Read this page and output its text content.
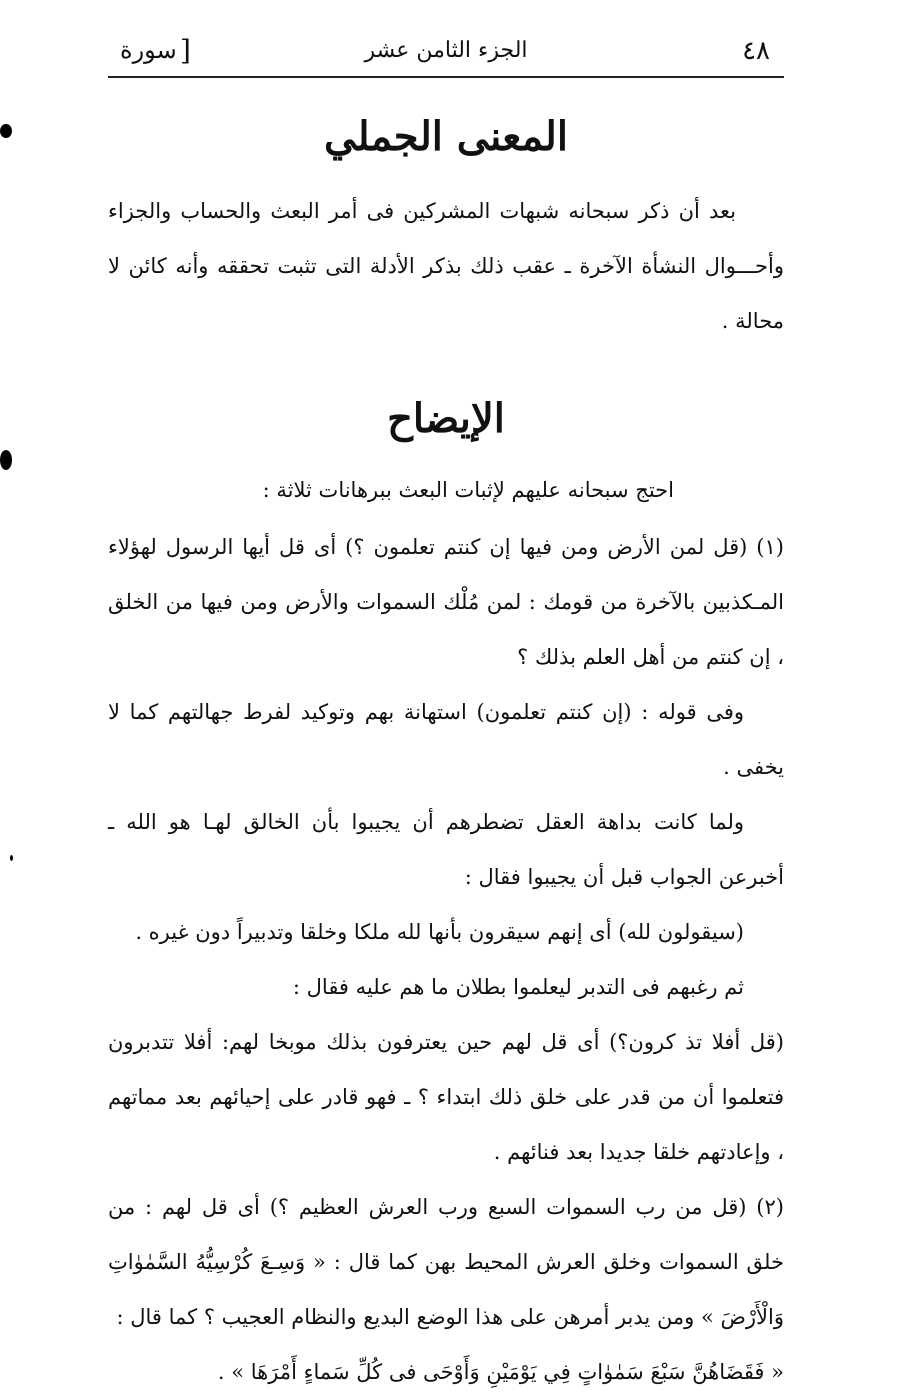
٤٨
الجزء الثامن عشر
[
سورة
المعنى الجملي

بعد أن ذكر سبحانه شبهات المشركين فى أمر البعث والحساب والجزاء وأحـــوال النشأة الآخرة ـ عقب ذلك بذكر الأدلة التى تثبت تحققه وأنه كائن لا محالة .

الإيضاح

احتج سبحانه عليهم لإثبات البعث ببرهانات ثلاثة :

(١) (قل لمن الأرض ومن فيها إن كنتم تعلمون ؟) أى قل أيها الرسول لهؤلاء المـكذبين بالآخرة من قومك : لمن مُلْك السموات والأرض ومن فيها من الخلق ، إن كنتم من أهل العلم بذلك ؟

وفى قوله : (إن كنتم تعلمون) استهانة بهم وتوكيد لفرط جهالتهم كما لا يخفى .

ولما كانت بداهة العقل تضطرهم أن يجيبوا بأن الخالق لهـا هو الله ـ أخبرعن الجواب قبل أن يجيبوا فقال :

(سيقولون لله) أى إنهم سيقرون بأنها لله ملكا وخلقا وتدبيراً دون غيره .

ثم رغبهم فى التدبر ليعلموا بطلان ما هم عليه فقال :

(قل أفلا تذ كرون؟) أى قل لهم حين يعترفون بذلك موبخا لهم: أفلا تتدبرون فتعلموا أن من قدر على خلق ذلك ابتداء ؟ ـ فهو قادر على إحيائهم بعد مماتهم ، وإعادتهم خلقا جديدا بعد فنائهم .

(٢) (قل من رب السموات السبع ورب العرش العظيم ؟) أى قل لهم : من خلق السموات وخلق العرش المحيط بهن كما قال : « وَسِـعَ كُرْسِيُّهُ السَّمٰوٰاتِ وَالْأَرْضَ » ومن يدبر أمرهن على هذا الوضع البديع والنظام العجيب ؟ كما قال :

« فَقَضَاهُنَّ سَبْعَ سَمٰوٰاتٍ فِي يَوْمَيْنِ وَأَوْحَى فى كُلِّ سَماءٍ أَمْرَهَا » .
